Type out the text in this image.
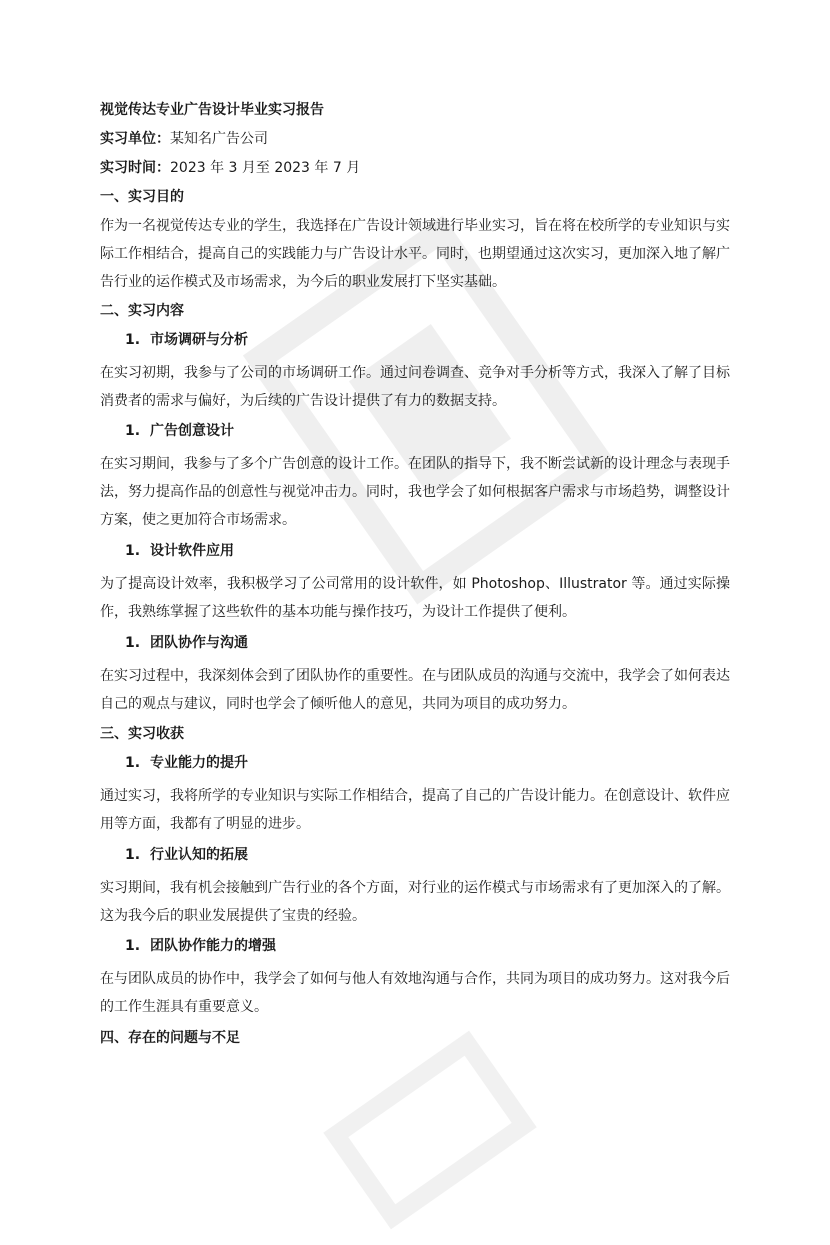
视觉传达专业广告设计毕业实习报告
实习单位：某知名广告公司
实习时间：2023 年 3 月至 2023 年 7 月
一、实习目的
作为一名视觉传达专业的学生，我选择在广告设计领域进行毕业实习，旨在将在校所学的专业知识与实际工作相结合，提高自己的实践能力与广告设计水平。同时，也期望通过这次实习，更加深入地了解广告行业的运作模式及市场需求，为今后的职业发展打下坚实基础。
二、实习内容
1. 市场调研与分析
在实习初期，我参与了公司的市场调研工作。通过问卷调查、竞争对手分析等方式，我深入了解了目标消费者的需求与偏好，为后续的广告设计提供了有力的数据支持。
1. 广告创意设计
在实习期间，我参与了多个广告创意的设计工作。在团队的指导下，我不断尝试新的设计理念与表现手法，努力提高作品的创意性与视觉冲击力。同时，我也学会了如何根据客户需求与市场趋势，调整设计方案，使之更加符合市场需求。
1. 设计软件应用
为了提高设计效率，我积极学习了公司常用的设计软件，如 Photoshop、Illustrator 等。通过实际操作，我熟练掌握了这些软件的基本功能与操作技巧，为设计工作提供了便利。
1. 团队协作与沟通
在实习过程中，我深刻体会到了团队协作的重要性。在与团队成员的沟通与交流中，我学会了如何表达自己的观点与建议，同时也学会了倾听他人的意见，共同为项目的成功努力。
三、实习收获
1. 专业能力的提升
通过实习，我将所学的专业知识与实际工作相结合，提高了自己的广告设计能力。在创意设计、软件应用等方面，我都有了明显的进步。
1. 行业认知的拓展
实习期间，我有机会接触到广告行业的各个方面，对行业的运作模式与市场需求有了更加深入的了解。这为我今后的职业发展提供了宝贵的经验。
1. 团队协作能力的增强
在与团队成员的协作中，我学会了如何与他人有效地沟通与合作，共同为项目的成功努力。这对我今后的工作生涯具有重要意义。
四、存在的问题与不足
